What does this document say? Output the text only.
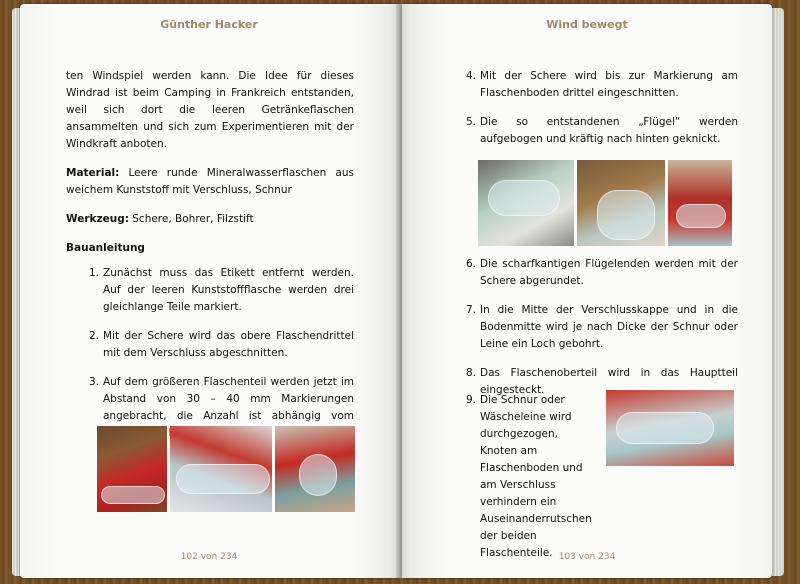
Günther Hacker

ten Windspiel werden kann. Die Idee für dieses Windrad ist beim Camping in Frankreich entstanden, weil sich dort die leeren Getränkeflaschen ansammelten und sich zum Experimentieren mit der Windkraft anboten.

Material: Leere runde Mineralwasserflaschen aus weichem Kunststoff mit Verschluss, Schnur

Werkzeug: Schere, Bohrer, Filzstift

Bauanleitung
1. Zunächst muss das Etikett entfernt werden. Auf der leeren Kunststoffflasche werden drei gleichlange Teile markiert.
2. Mit der Schere wird das obere Flaschendrittel mit dem Verschluss abgeschnitten.
3. Auf dem größeren Flaschenteil werden jetzt im Abstand von 30 – 40 mm Markierungen angebracht, die Anzahl ist abhängig vom
102 von 234
Wind bewegt
4. Mit der Schere wird bis zur Markierung am Flaschenboden drittel eingeschnitten.
5. Die so entstandenen „Flügel“ werden aufgebogen und kräftig nach hinten geknickt.
6. Die scharfkantigen Flügelenden werden mit der Schere abgerundet.
7. In die Mitte der Verschlusskappe und in die Bodenmitte wird je nach Dicke der Schnur oder Leine ein Loch gebohrt.
8. Das Flaschenoberteil wird in das Hauptteil eingesteckt.
9. Die Schnur oder Wäscheleine wird durchgezogen, Knoten am Flaschenboden und am Verschluss verhindern ein Auseinanderrutschen der beiden Flaschenteile. 103 von 234
